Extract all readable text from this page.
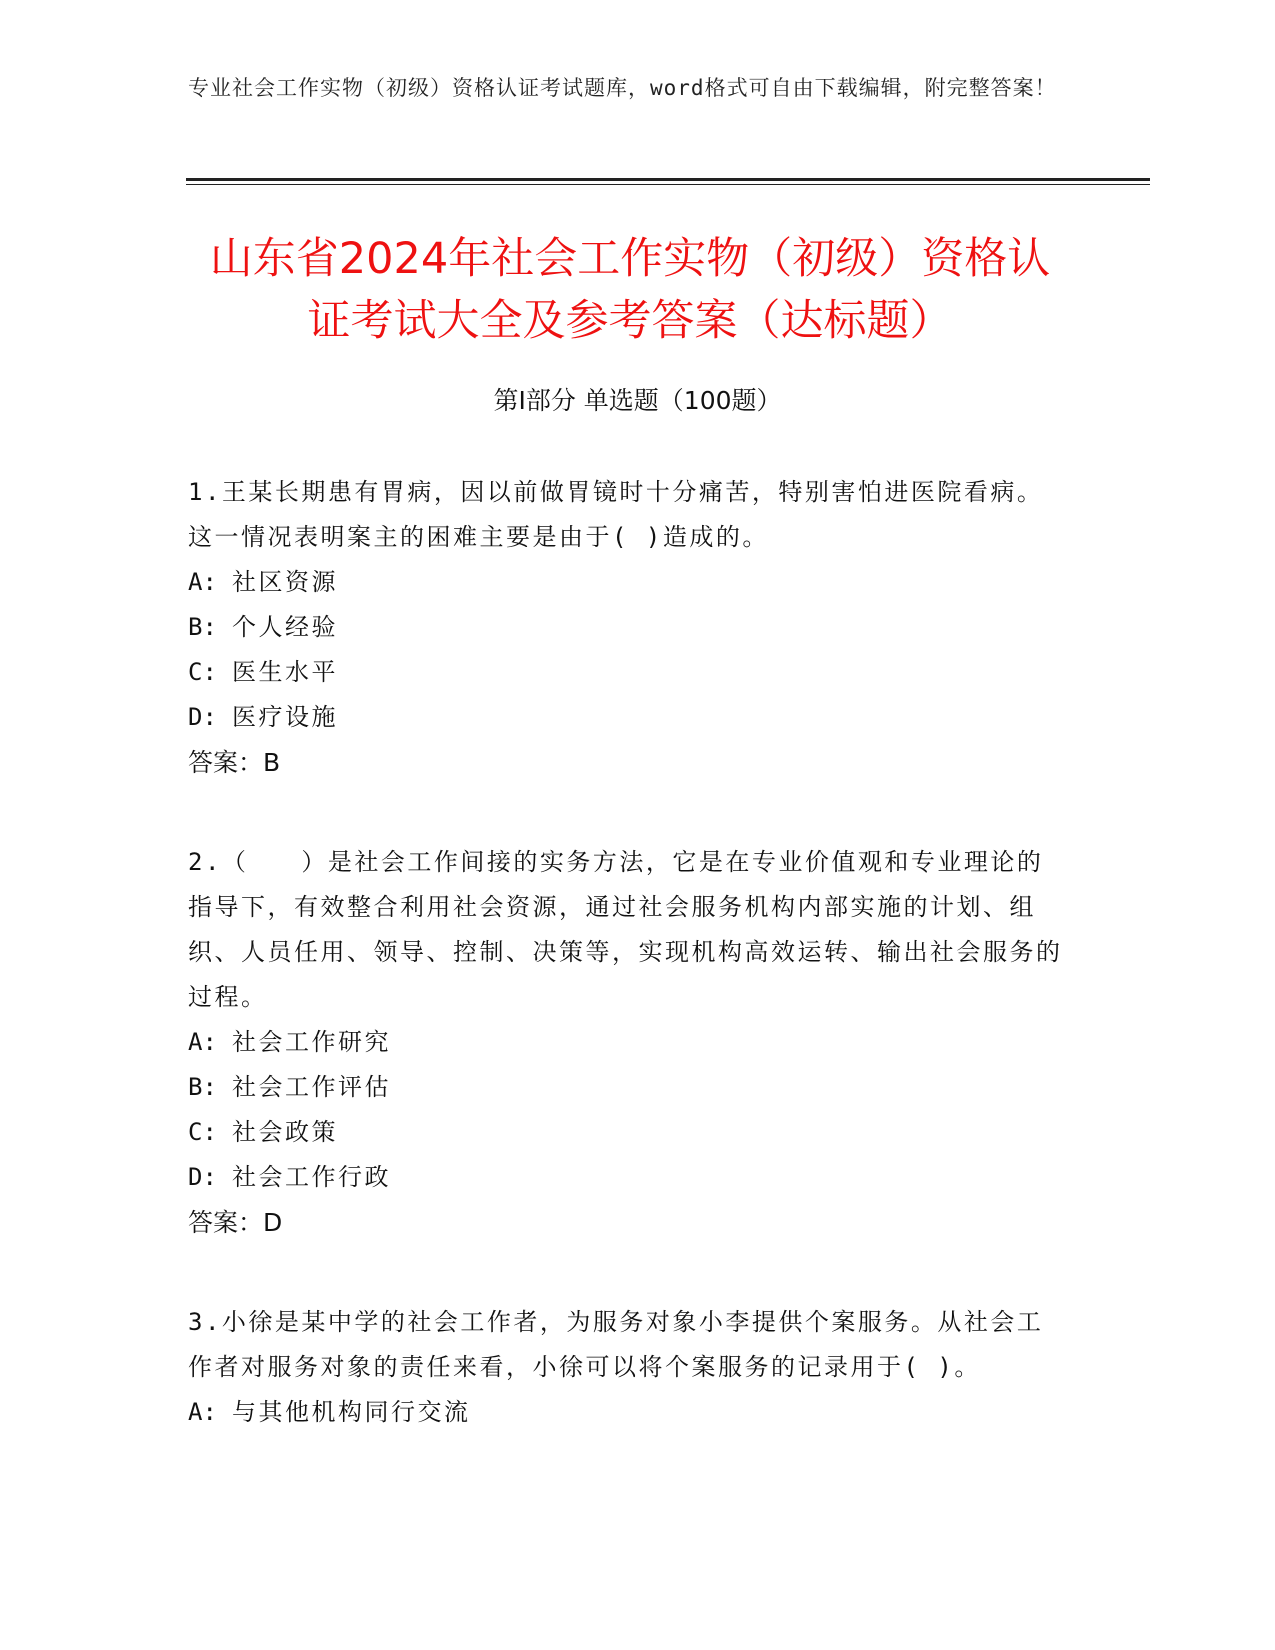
专业社会工作实物（初级）资格认证考试题库，word格式可自由下载编辑，附完整答案！
山东省2024年社会工作实物（初级）资格认
证考试大全及参考答案（达标题）
第Ⅰ部分 单选题（100题）

1.王某长期患有胃病，因以前做胃镜时十分痛苦，特别害怕进医院看病。这一情况表明案主的困难主要是由于( )造成的。

A: 社区资源

B: 个人经验

C: 医生水平

D: 医疗设施

答案：B

2.（　　）是社会工作间接的实务方法，它是在专业价值观和专业理论的指导下，有效整合利用社会资源，通过社会服务机构内部实施的计划、组织、人员任用、领导、控制、决策等，实现机构高效运转、输出社会服务的过程。

A: 社会工作研究

B: 社会工作评估

C: 社会政策

D: 社会工作行政

答案：D

3.小徐是某中学的社会工作者，为服务对象小李提供个案服务。从社会工作者对服务对象的责任来看，小徐可以将个案服务的记录用于( )。

A: 与其他机构同行交流
